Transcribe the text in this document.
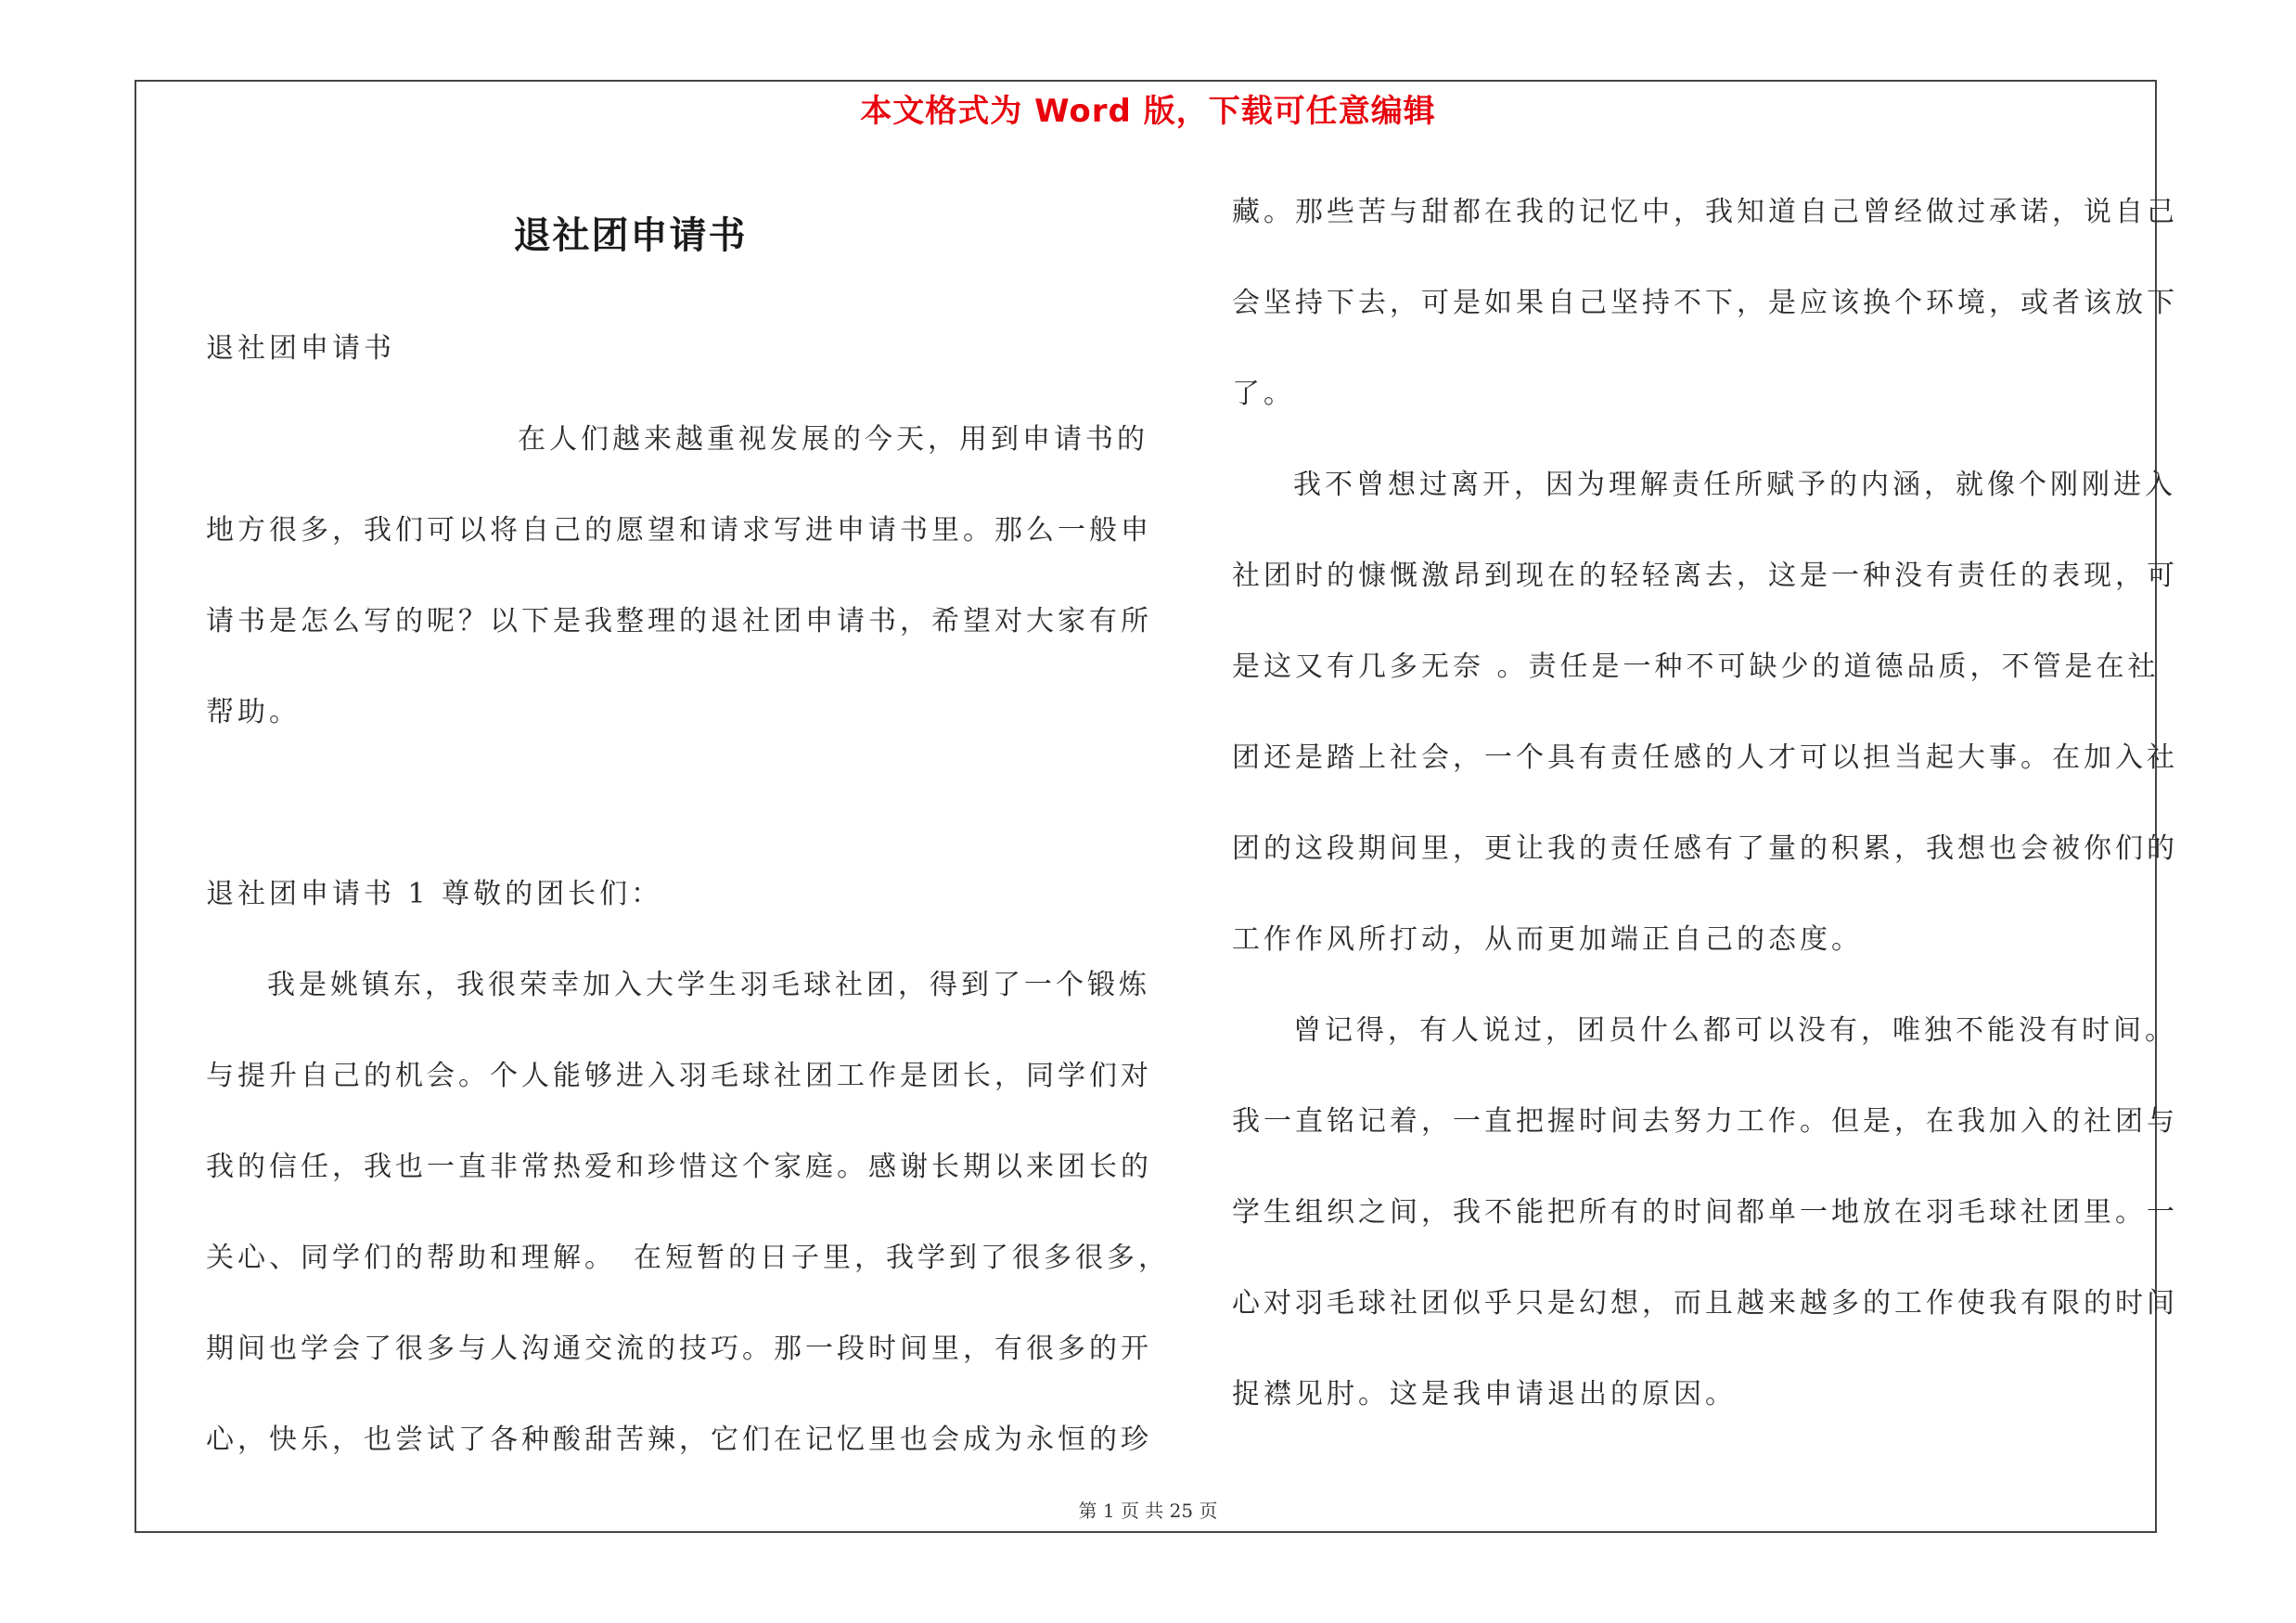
本文格式为 Word 版，下载可任意编辑
退社团申请书
退社团申请书
在人们越来越重视发展的今天，用到申请书的
地方很多，我们可以将自己的愿望和请求写进申请书里。那么一般申
请书是怎么写的呢？以下是我整理的退社团申请书，希望对大家有所
帮助。
退社团申请书 1 尊敬的团长们：
我是姚镇东，我很荣幸加入大学生羽毛球社团，得到了一个锻炼
与提升自己的机会。个人能够进入羽毛球社团工作是团长，同学们对
我的信任，我也一直非常热爱和珍惜这个家庭。感谢长期以来团长的
关心、同学们的帮助和理解。　在短暂的日子里，我学到了很多很多，
期间也学会了很多与人沟通交流的技巧。那一段时间里，有很多的开
心，快乐，也尝试了各种酸甜苦辣，它们在记忆里也会成为永恒的珍
藏。那些苦与甜都在我的记忆中，我知道自己曾经做过承诺，说自己
会坚持下去，可是如果自己坚持不下，是应该换个环境，或者该放下
了。
我不曾想过离开，因为理解责任所赋予的内涵，就像个刚刚进入
社团时的慷慨激昂到现在的轻轻离去，这是一种没有责任的表现，可
是这又有几多无奈 。责任是一种不可缺少的道德品质，不管是在社
团还是踏上社会，一个具有责任感的人才可以担当起大事。在加入社
团的这段期间里，更让我的责任感有了量的积累，我想也会被你们的
工作作风所打动，从而更加端正自己的态度。
曾记得，有人说过，团员什么都可以没有，唯独不能没有时间。
我一直铭记着，一直把握时间去努力工作。但是，在我加入的社团与
学生组织之间，我不能把所有的时间都单一地放在羽毛球社团里。一
心对羽毛球社团似乎只是幻想，而且越来越多的工作使我有限的时间
捉襟见肘。这是我申请退出的原因。
第 1 页 共 25 页
